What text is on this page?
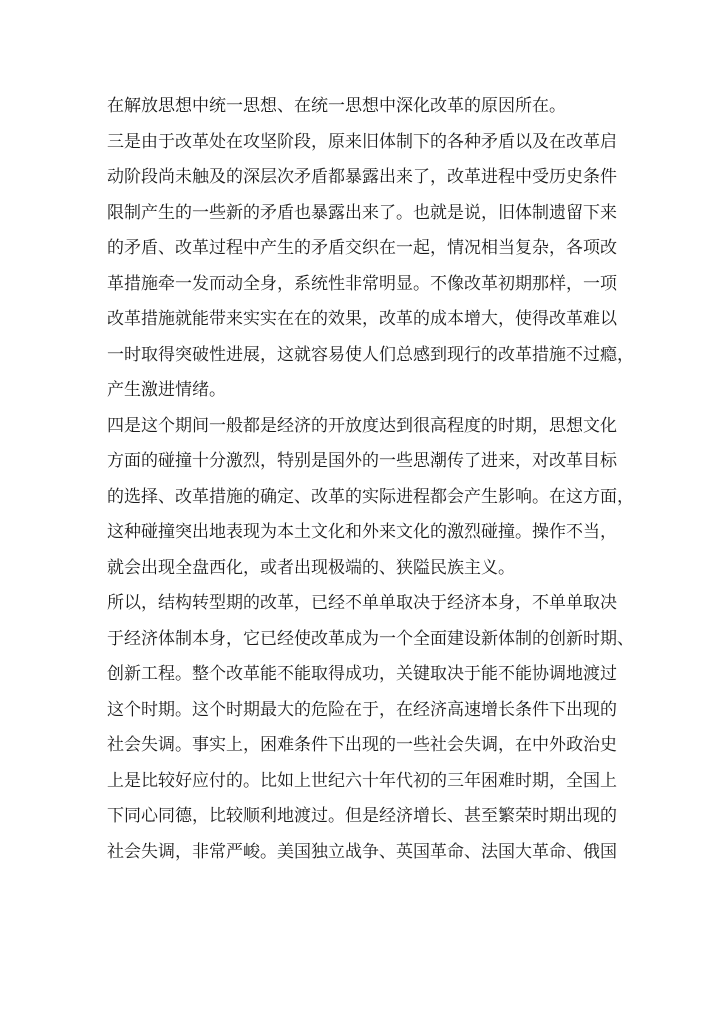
在解放思想中统一思想、在统一思想中深化改革的原因所在。
三是由于改革处在攻坚阶段，原来旧体制下的各种矛盾以及在改革启
动阶段尚未触及的深层次矛盾都暴露出来了，改革进程中受历史条件
限制产生的一些新的矛盾也暴露出来了。也就是说，旧体制遗留下来
的矛盾、改革过程中产生的矛盾交织在一起，情况相当复杂，各项改
革措施牵一发而动全身，系统性非常明显。不像改革初期那样，一项
改革措施就能带来实实在在的效果，改革的成本增大，使得改革难以
一时取得突破性进展，这就容易使人们总感到现行的改革措施不过瘾，
产生激进情绪。
四是这个期间一般都是经济的开放度达到很高程度的时期，思想文化
方面的碰撞十分激烈，特别是国外的一些思潮传了进来，对改革目标
的选择、改革措施的确定、改革的实际进程都会产生影响。在这方面，
这种碰撞突出地表现为本土文化和外来文化的激烈碰撞。操作不当，
就会出现全盘西化，或者出现极端的、狭隘民族主义。
所以，结构转型期的改革，已经不单单取决于经济本身，不单单取决
于经济体制本身，它已经使改革成为一个全面建设新体制的创新时期、
创新工程。整个改革能不能取得成功，关键取决于能不能协调地渡过
这个时期。这个时期最大的危险在于，在经济高速增长条件下出现的
社会失调。事实上，困难条件下出现的一些社会失调，在中外政治史
上是比较好应付的。比如上世纪六十年代初的三年困难时期，全国上
下同心同德，比较顺利地渡过。但是经济增长、甚至繁荣时期出现的
社会失调，非常严峻。美国独立战争、英国革命、法国大革命、俄国
